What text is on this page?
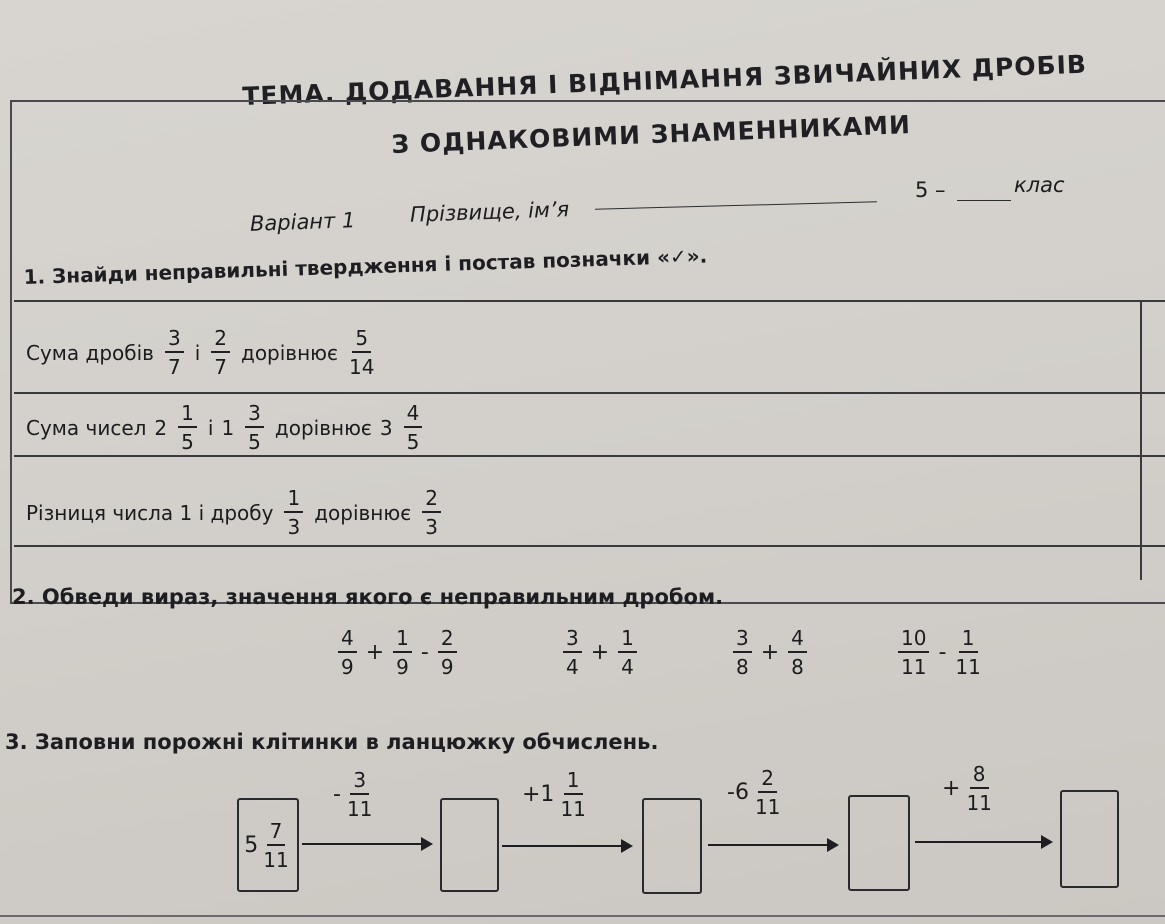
ТЕМА. ДОДАВАННЯ І ВІДНІМАННЯ ЗВИЧАЙНИХ ДРОБІВ
З ОДНАКОВИМИ ЗНАМЕННИКАМИ
Варіант 1	Прізвище, ім’я
5 –	клас
1. Знайди неправильні твердження і постав позначки «✓».
Сума дробів $\frac{3}{7}$ і $\frac{2}{7}$ дорівнює $\frac{5}{14}$
Сума чисел $2 \frac{1}{5}$ і $1 \frac{3}{5}$ дорівнює $3 \frac{4}{5}$
Різниця числа 1 і дробу $\frac{1}{3}$ дорівнює $\frac{2}{3}$
2. Обведи вираз, значення якого є неправильним дробом.
$\frac{4}{9} + \frac{1}{9} - \frac{2}{9}$	$\frac{3}{4} + \frac{1}{4}$	$\frac{3}{8} + \frac{4}{8}$	$\frac{10}{11} - \frac{1}{11}$
3. Заповни порожні клітинки в ланцюжку обчислень.
$5 \frac{7}{11}$
- $\frac{3}{11}$	$+1 \frac{1}{11}$	$-6 \frac{2}{11}$	+ $\frac{8}{11}$
